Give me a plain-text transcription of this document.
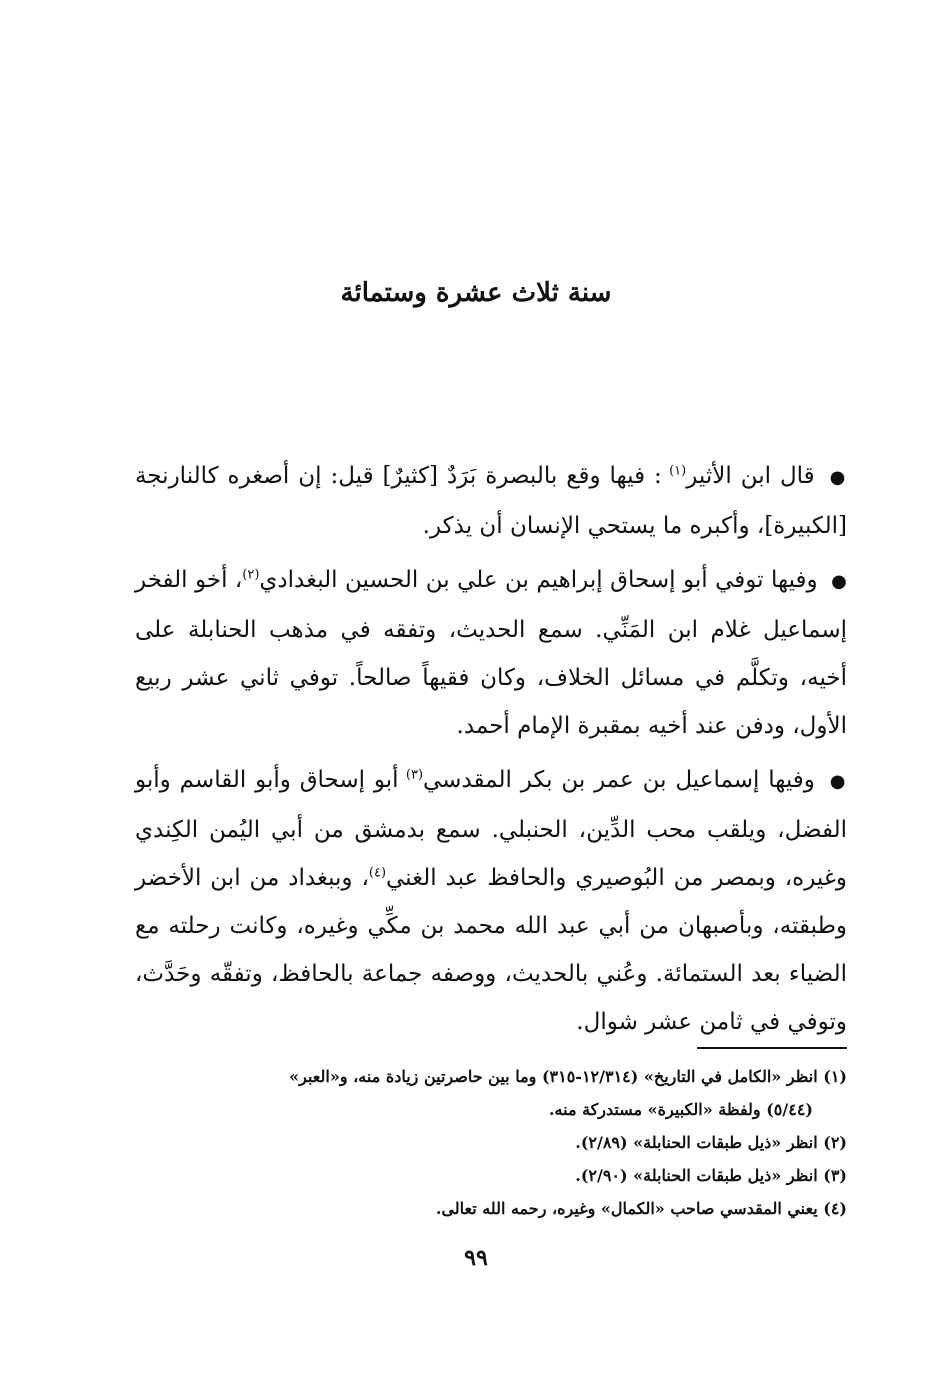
سنة ثلاث عشرة وستمائة

● قال ابن الأثير$^{(١)}$ : فيها وقع بالبصرة بَرَدٌ [كثيرٌ] قيل: إن أصغره كالنارنجة [الكبيرة]، وأكبره ما يستحي الإنسان أن يذكر.

● وفيها توفي أبو إسحاق إبراهيم بن علي بن الحسين البغدادي$^{(٢)}$، أخو الفخر إسماعيل غلام ابن المَنِّي. سمع الحديث، وتفقه في مذهب الحنابلة على أخيه، وتكلَّم في مسائل الخلاف، وكان فقيهاً صالحاً. توفي ثاني عشر ربيع الأول، ودفن عند أخيه بمقبرة الإمام أحمد.

● وفيها إسماعيل بن عمر بن بكر المقدسي$^{(٣)}$ أبو إسحاق وأبو القاسم وأبو الفضل، ويلقب محب الدِّين، الحنبلي. سمع بدمشق من أبي اليُمن الكِندي وغيره، وبمصر من البُوصيري والحافظ عبد الغني$^{(٤)}$، وببغداد من ابن الأخضر وطبقته، وبأصبهان من أبي عبد الله محمد بن مكِّي وغيره، وكانت رحلته مع الضياء بعد الستمائة. وعُني بالحديث، ووصفه جماعة بالحافظ، وتفقّه وحَدَّث، وتوفي في ثامن عشر شوال.

(١) انظر «الكامل في التاريخ» (١٢/٣١٤-٣١٥) وما بين حاصرتين زيادة منه، و«العبر»

(٥/٤٤) ولفظة «الكبيرة» مستدركة منه.

(٢) انظر «ذيل طبقات الحنابلة» (٢/٨٩).

(٣) انظر «ذيل طبقات الحنابلة» (٢/٩٠).

(٤) يعني المقدسي صاحب «الكمال» وغيره، رحمه الله تعالى.

٩٩
